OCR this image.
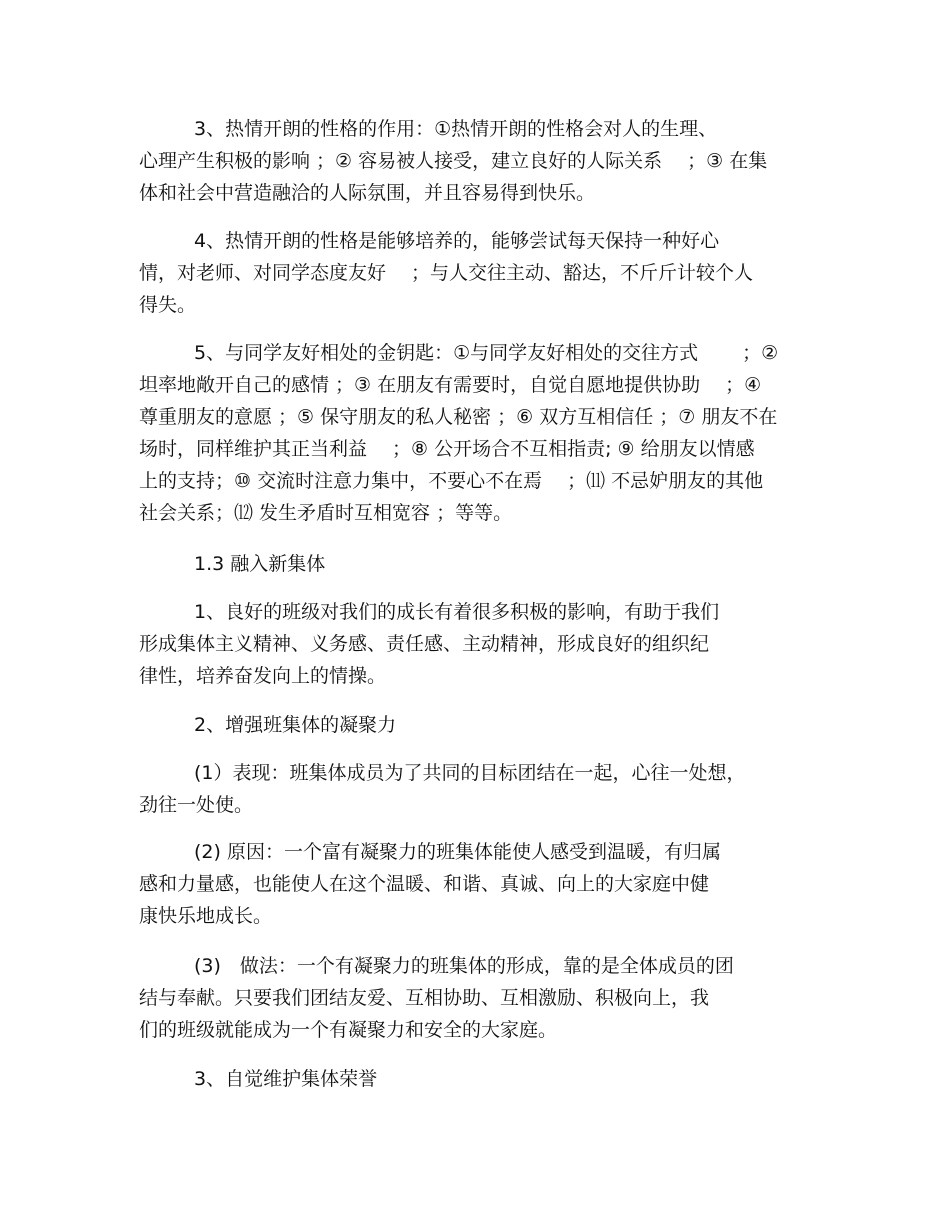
3、热情开朗的性格的作用：①热情开朗的性格会对人的生理、
心理产生积极的影响 ；② 容易被人接受，建立良好的人际关系 　；③ 在集
体和社会中营造融洽的人际氛围，并且容易得到快乐。

4、热情开朗的性格是能够培养的，能够尝试每天保持一种好心
情，对老师、对同学态度友好 　；与人交往主动、豁达，不斤斤计较个人
得失。

5、与同学友好相处的金钥匙：①与同学友好相处的交往方式 　　；②
坦率地敞开自己的感情 ；③ 在朋友有需要时，自觉自愿地提供协助 　；④
尊重朋友的意愿 ；⑤ 保守朋友的私人秘密 ；⑥ 双方互相信任 ；⑦ 朋友不在
场时，同样维护其正当利益 　；⑧ 公开场合不互相指责; ⑨ 给朋友以情感
上的支持；⑩ 交流时注意力集中，不要心不在焉 　；⑾ 不忌妒朋友的其他
社会关系；⑿ 发生矛盾时互相宽容 ；等等。

1.3 融入新集体

1、良好的班级对我们的成长有着很多积极的影响，有助于我们
形成集体主义精神、义务感、责任感、主动精神，形成良好的组织纪
律性，培养奋发向上的情操。

2、增强班集体的凝聚力

(1）表现：班集体成员为了共同的目标团结在一起，心往一处想，
劲往一处使。

(2) 原因：一个富有凝聚力的班集体能使人感受到温暖，有归属
感和力量感，也能使人在这个温暖、和谐、真诚、向上的大家庭中健
康快乐地成长。

(3)　做法：一个有凝聚力的班集体的形成，靠的是全体成员的团
结与奉献。只要我们团结友爱、互相协助、互相激励、积极向上，我
们的班级就能成为一个有凝聚力和安全的大家庭。

3、自觉维护集体荣誉
